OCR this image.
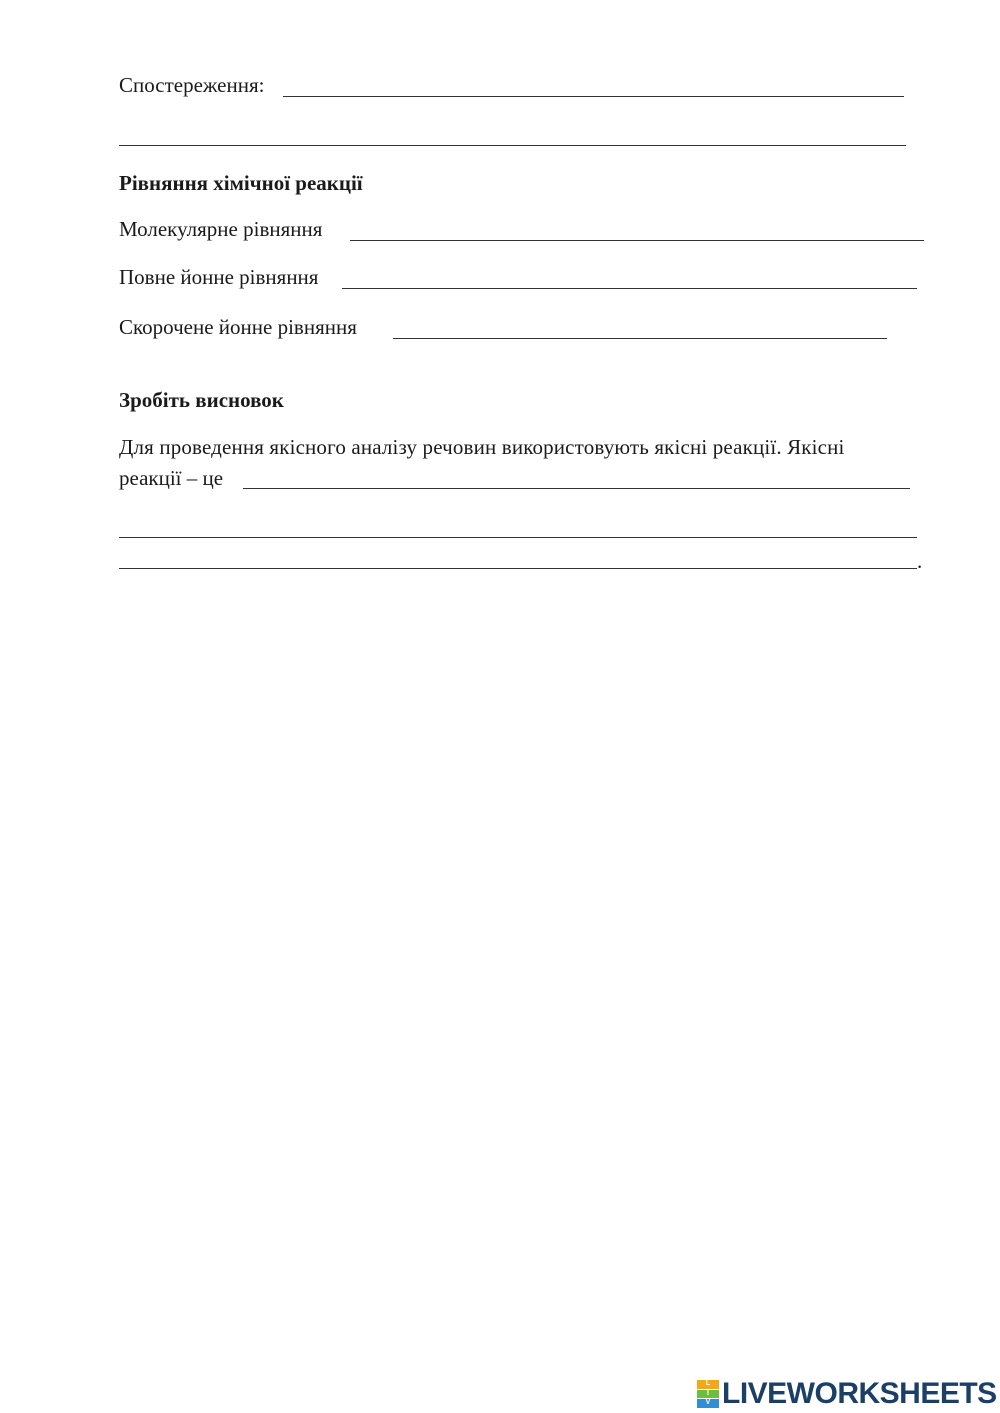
Спостереження:
Рівняння хімічної реакції
Молекулярне рівняння
Повне йонне рівняння
Скорочене йонне рівняння
Зробіть висновок
Для проведення якісного аналізу речовин використовують якісні реакції. Якісні
реакції – це
.
L
I
V LIVEWORKSHEETS
